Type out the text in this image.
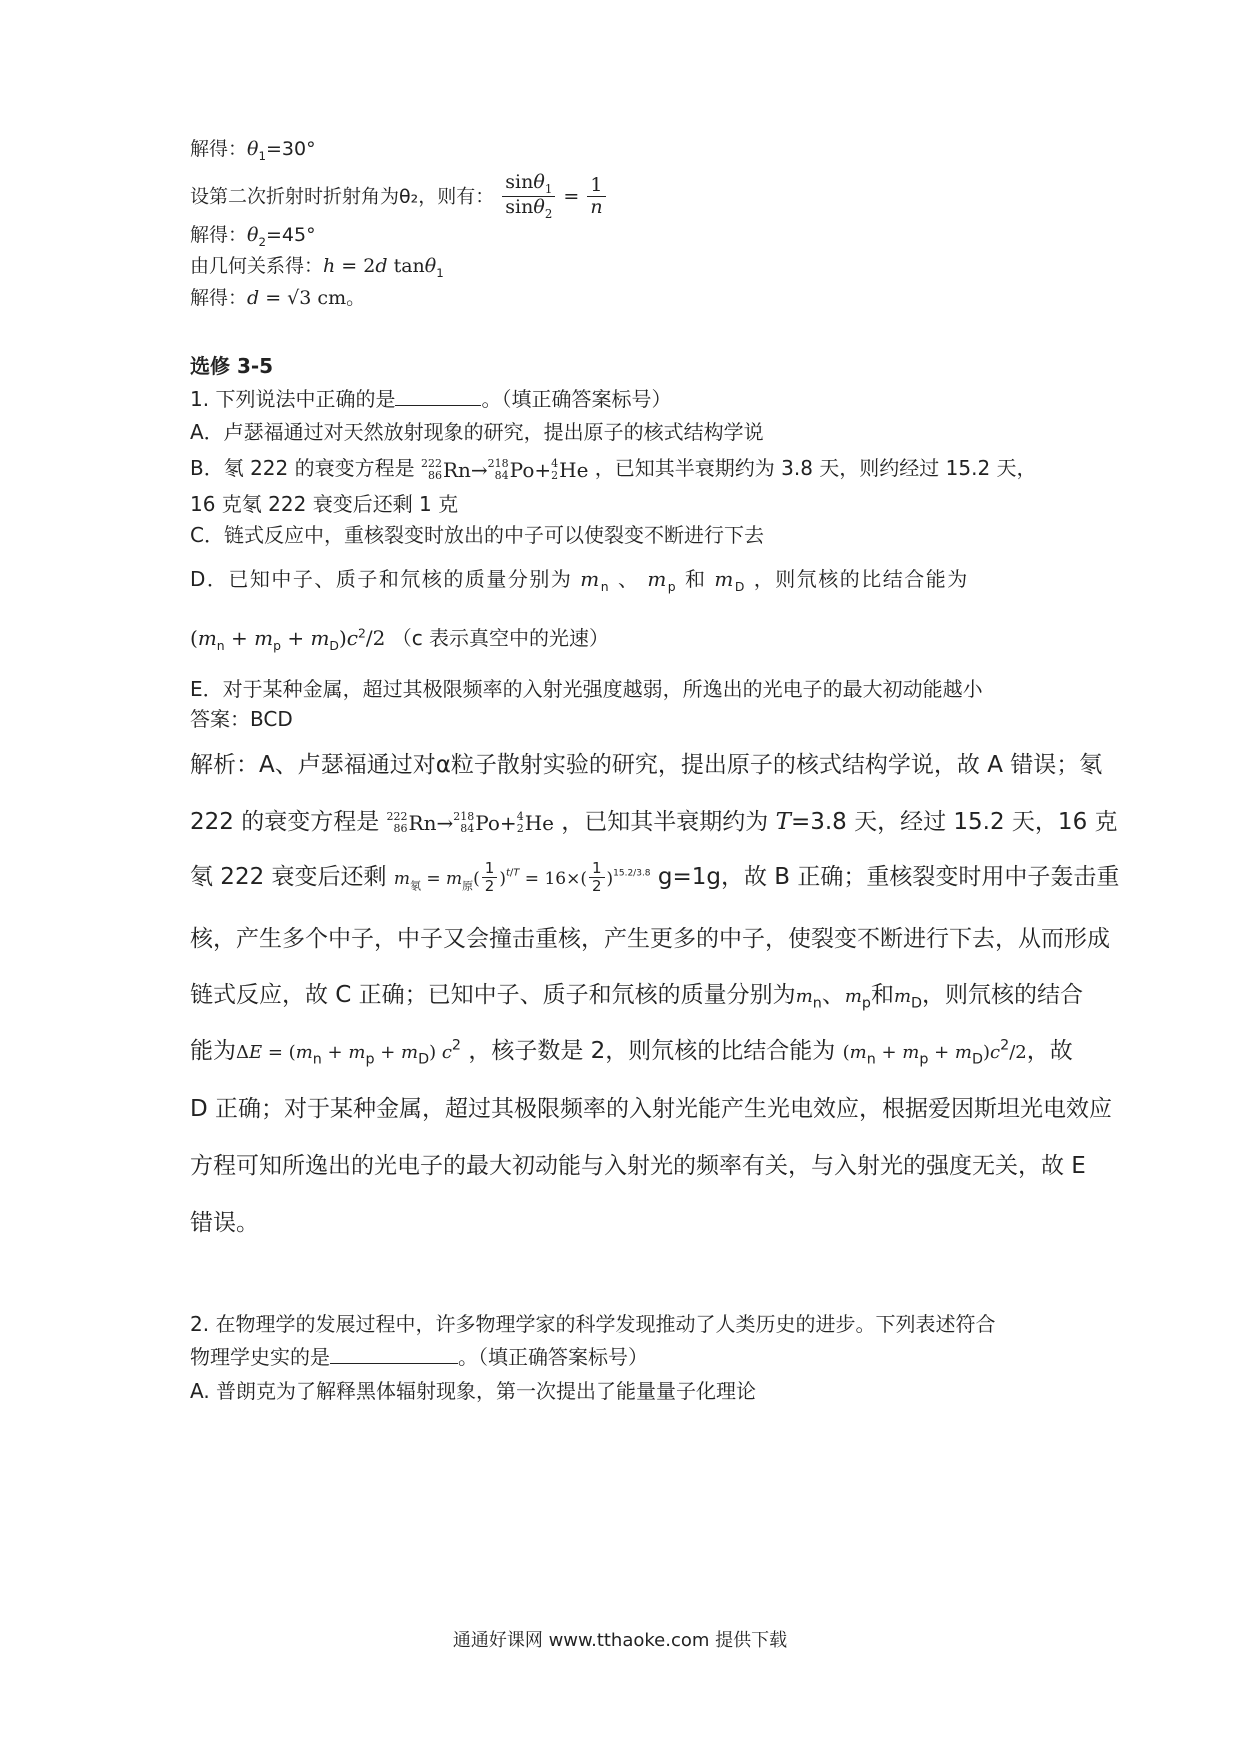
解得：$\theta_1=30^\circ$
设第二次折射时折射角为θ₂，则有： $\frac{\sin\theta_1}{\sin\theta_2} = \frac{1}{n}$
解得：$\theta_2=45^\circ$
由几何关系得：h = 2d tanθ$_1$
解得：d = √3 cm。
选修 3-5
1. 下列说法中正确的是	。（填正确答案标号）
A．卢瑟福通过对天然放射现象的研究，提出原子的核式结构学说
B．氡 222 的衰变方程是 222
86 Rn→ 218
84 Po+ 4
2 He ，已知其半衰期约为 3.8 天，则约经过 15.2 天，
16 克氡 222 衰变后还剩 1 克
C．链式反应中，重核裂变时放出的中子可以使裂变不断进行下去
D．已知中子、质子和氘核的质量分别为 $m_n$ 、 $m_p$ 和 $m_D$ ，则氘核的比结合能为
$(m_n + m_p + m_D)c^2/2$ （c 表示真空中的光速）
E．对于某种金属，超过其极限频率的入射光强度越弱，所逸出的光电子的最大初动能越小
答案：BCD
解析：A、卢瑟福通过对α粒子散射实验的研究，提出原子的核式结构学说，故 A 错误；氡
222 的衰变方程是 222
86 Rn→ 218
84 Po+ 4
2 He ，已知其半衰期约为 T=3.8 天，经过 15.2 天，16 克
氡 222 衰变后还剩 $m_氡 = m_原( \frac{1}{2} )^{t/T} = 16\times( \frac{1}{2} )^{15.2/3.8}$ g=1g，故 B 正确；重核裂变时用中子轰击重
核，产生多个中子，中子又会撞击重核，产生更多的中子，使裂变不断进行下去，从而形成
链式反应，故 C 正确；已知中子、质子和氘核的质量分别为$m_n$、$m_p$和$m_D$，则氘核的结合
能为$\Delta E = (m_n + m_p + m_D)$ $c^2$ ，核子数是 2，则氘核的比结合能为 $(m_n + m_p + m_D)c^2/2$，故
D 正确；对于某种金属，超过其极限频率的入射光能产生光电效应，根据爱因斯坦光电效应
方程可知所逸出的光电子的最大初动能与入射光的频率有关，与入射光的强度无关，故 E
错误。
2. 在物理学的发展过程中，许多物理学家的科学发现推动了人类历史的进步。下列表述符合
物理学史实的是	。（填正确答案标号）
A. 普朗克为了解释黑体辐射现象，第一次提出了能量量子化理论
通通好课网 www.tthaoke.com 提供下载
